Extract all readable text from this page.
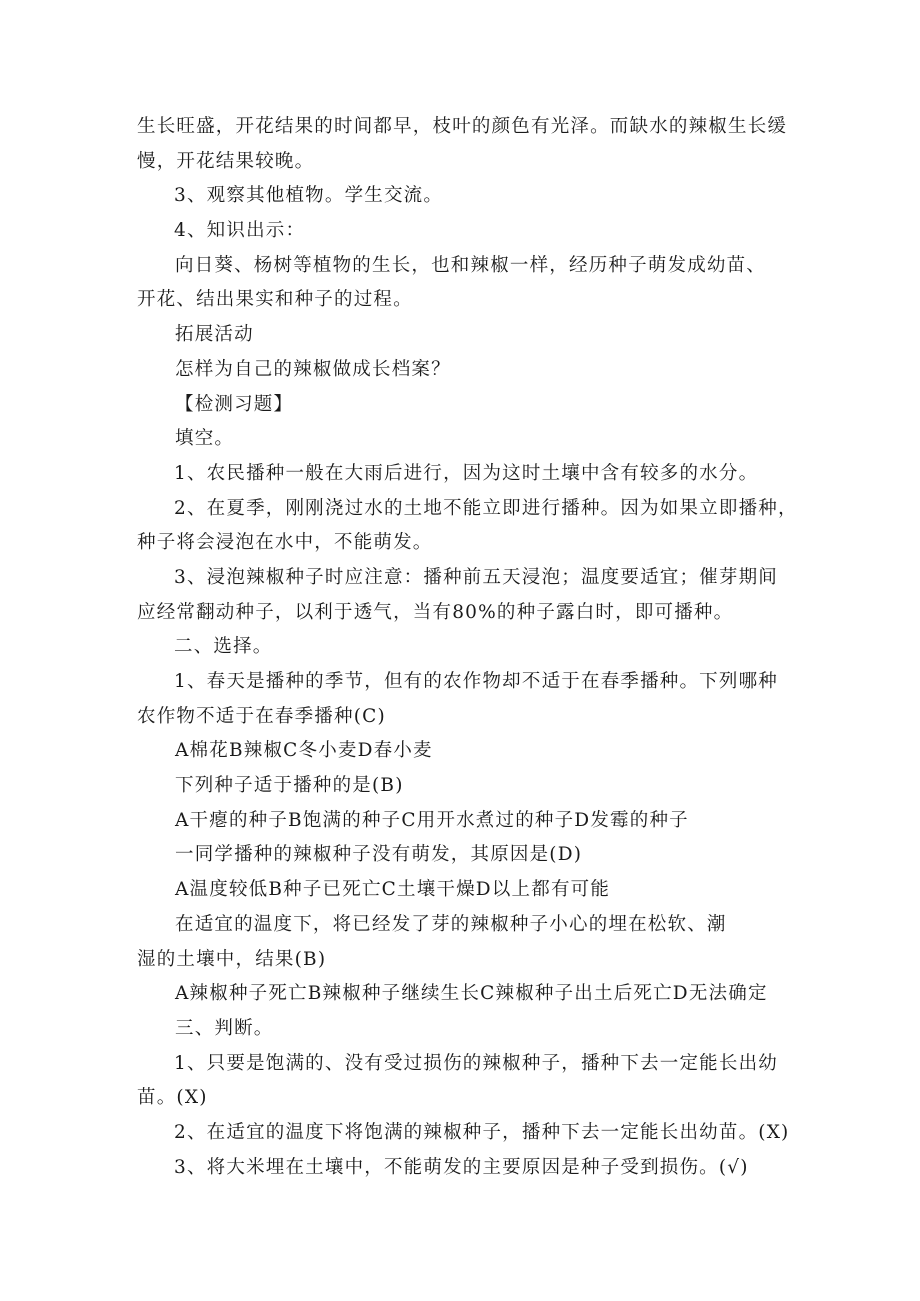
生长旺盛，开花结果的时间都早，枝叶的颜色有光泽。而缺水的辣椒生长缓
慢，开花结果较晚。
3、观察其他植物。学生交流。
4、知识出示：
向日葵、杨树等植物的生长，也和辣椒一样，经历种子萌发成幼苗、
开花、结出果实和种子的过程。
拓展活动
怎样为自己的辣椒做成长档案？
【检测习题】
填空。
1、农民播种一般在大雨后进行，因为这时土壤中含有较多的水分。
2、在夏季，刚刚浇过水的土地不能立即进行播种。因为如果立即播种，
种子将会浸泡在水中，不能萌发。
3、浸泡辣椒种子时应注意：播种前五天浸泡；温度要适宜；催芽期间
应经常翻动种子，以利于透气，当有80%的种子露白时，即可播种。
二、选择。
1、春天是播种的季节，但有的农作物却不适于在春季播种。下列哪种
农作物不适于在春季播种(C)
A棉花B辣椒C冬小麦D春小麦
下列种子适于播种的是(B)
A干瘪的种子B饱满的种子C用开水煮过的种子D发霉的种子
一同学播种的辣椒种子没有萌发，其原因是(D)
A温度较低B种子已死亡C土壤干燥D以上都有可能
在适宜的温度下，将已经发了芽的辣椒种子小心的埋在松软、潮
湿的土壤中，结果(B)
A辣椒种子死亡B辣椒种子继续生长C辣椒种子出土后死亡D无法确定
三、判断。
1、只要是饱满的、没有受过损伤的辣椒种子，播种下去一定能长出幼
苗。(X)
2、在适宜的温度下将饱满的辣椒种子，播种下去一定能长出幼苗。(X)
3、将大米埋在土壤中，不能萌发的主要原因是种子受到损伤。(√)
